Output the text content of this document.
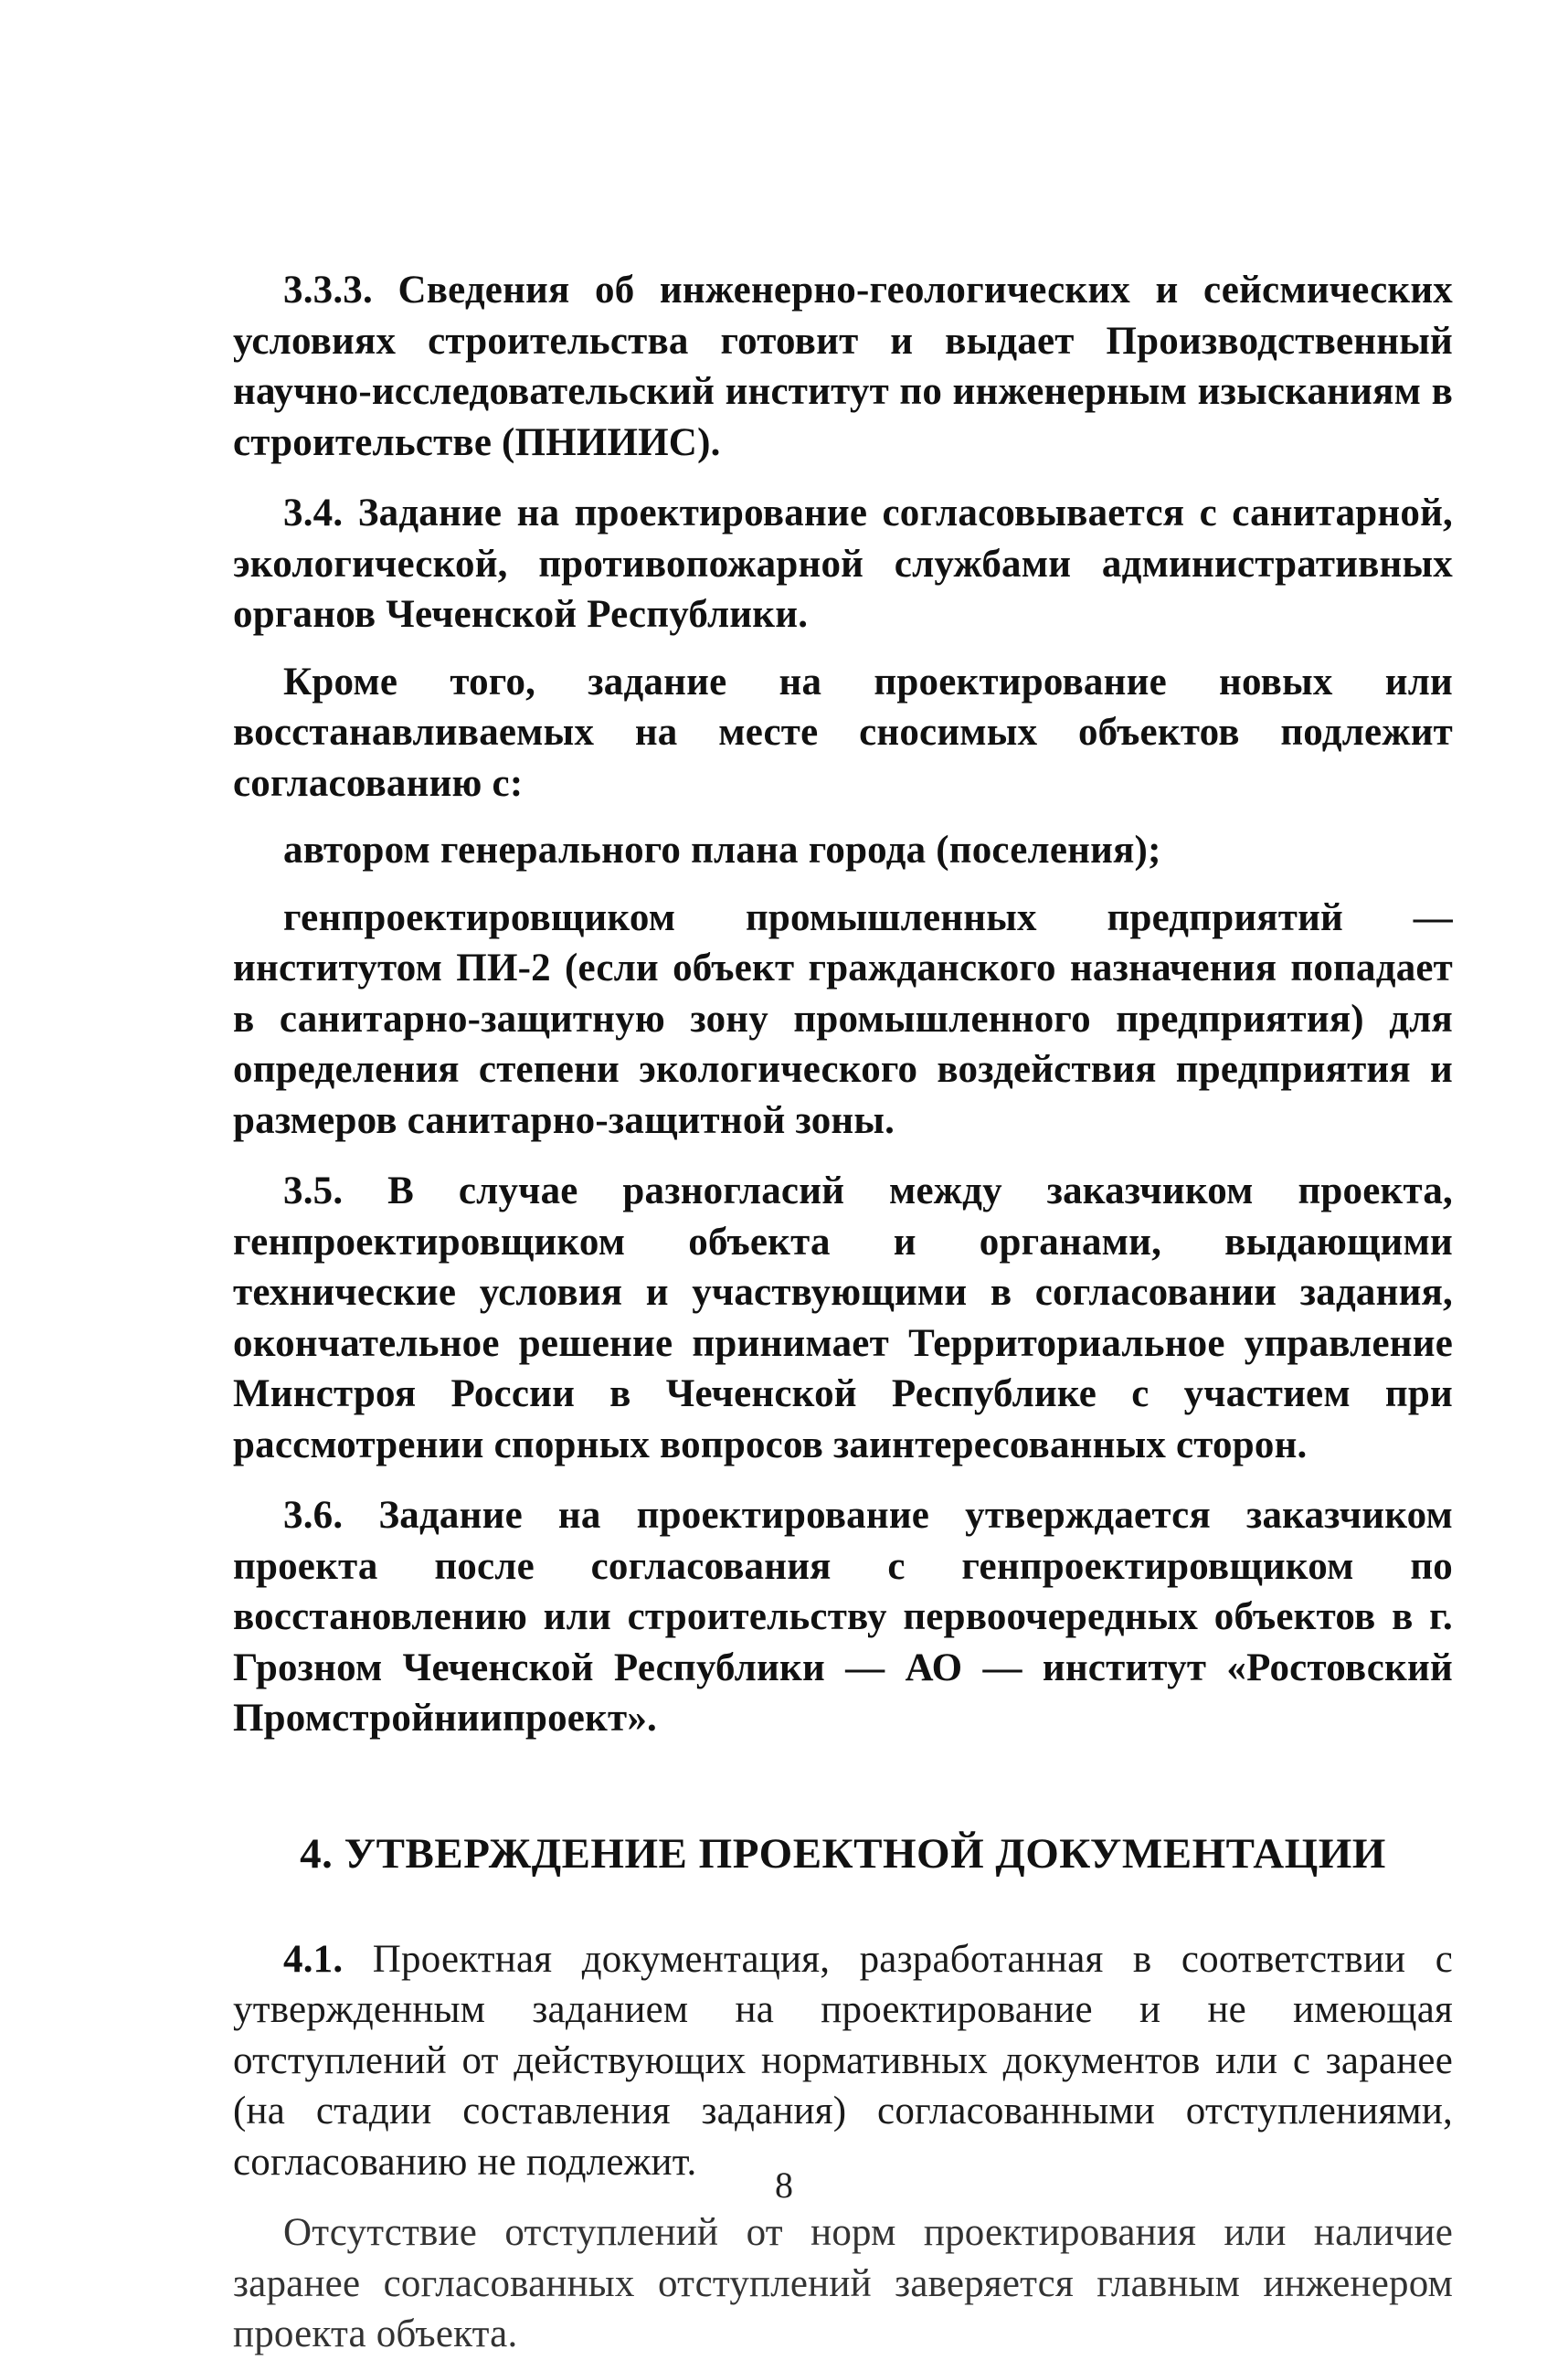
3.3.3. Сведения об инженерно-геологических и сейсмических условиях строительства готовит и выдает Производственный научно-исследовательский институт по инженерным изысканиям в строительстве (ПНИИИС).

3.4. Задание на проектирование согласовывается с санитарной, экологической, противопожарной службами административных органов Чеченской Республики.

Кроме того, задание на проектирование новых или восстанавливаемых на месте сносимых объектов подлежит согласованию с:

автором генерального плана города (поселения);

генпроектировщиком промышленных предприятий — институтом ПИ-2 (если объект гражданского назначения попадает в санитарно-защитную зону промышленного предприятия) для определения степени экологического воздействия предприятия и размеров санитарно-защитной зоны.

3.5. В случае разногласий между заказчиком проекта, генпроектировщиком объекта и органами, выдающими технические условия и участвующими в согласовании задания, окончательное решение принимает Территориальное управление Минстроя России в Чеченской Республике с участием при рассмотрении спорных вопросов заинтересованных сторон.

3.6. Задание на проектирование утверждается заказчиком проекта после согласования с генпроектировщиком по восстановлению или строительству первоочередных объектов в г. Грозном Чеченской Республики — АО — институт «Ростовский Промстройниипроект».

4. УТВЕРЖДЕНИЕ ПРОЕКТНОЙ ДОКУМЕНТАЦИИ

4.1. Проектная документация, разработанная в соответствии с утвержденным заданием на проектирование и не имеющая отступлений от действующих нормативных документов или с заранее (на стадии составления задания) согласованными отступлениями, согласованию не подлежит.

Отсутствие отступлений от норм проектирования или наличие заранее согласованных отступлений заверяется главным инженером проекта объекта.

8
